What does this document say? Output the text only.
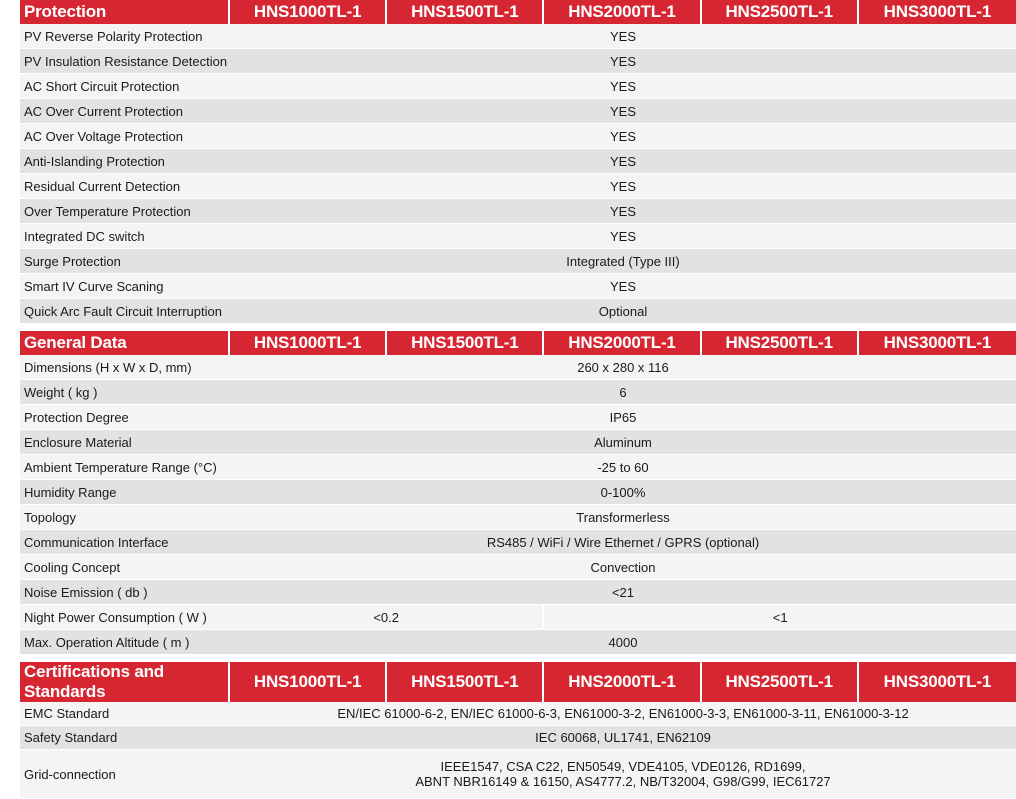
Protection	HNS1000TL-1	HNS1500TL-1	HNS2000TL-1	HNS2500TL-1	HNS3000TL-1
PV Reverse Polarity Protection	YES				
PV Insulation Resistance Detection	YES				
AC Short Circuit Protection	YES				
AC Over Current Protection	YES				
AC Over Voltage Protection	YES				
Anti-Islanding Protection	YES				
Residual Current Detection	YES				
Over Temperature Protection	YES				
Integrated DC switch	YES				
Surge Protection	Integrated (Type III)				
Smart IV Curve Scaning	YES				
Quick Arc Fault Circuit Interruption	Optional				
General Data	HNS1000TL-1	HNS1500TL-1	HNS2000TL-1	HNS2500TL-1	HNS3000TL-1
Dimensions (H x W x D, mm)	260 x 280 x 116				
Weight ( kg )	6				
Protection Degree	IP65				
Enclosure Material	Aluminum				
Ambient Temperature Range (°C)	-25 to 60				
Humidity Range	0-100%				
Topology	Transformerless				
Communication Interface	RS485 / WiFi / Wire Ethernet / GPRS (optional)				
Cooling Concept	Convection				
Noise Emission ( db )	<21				
Night Power Consumption ( W )	<0.2		<1		
Max. Operation Altitude ( m )	4000				
Certifications and Standards	HNS1000TL-1	HNS1500TL-1	HNS2000TL-1	HNS2500TL-1	HNS3000TL-1
EMC Standard	EN/IEC 61000-6-2, EN/IEC 61000-6-3, EN61000-3-2, EN61000-3-3, EN61000-3-11, EN61000-3-12				
Safety Standard	IEC 60068, UL1741, EN62109				
Grid-connection	IEEE1547, CSA C22, EN50549, VDE4105, VDE0126, RD1699,
ABNT NBR16149 & 16150, AS4777.2, NB/T32004, G98/G99, IEC61727				
